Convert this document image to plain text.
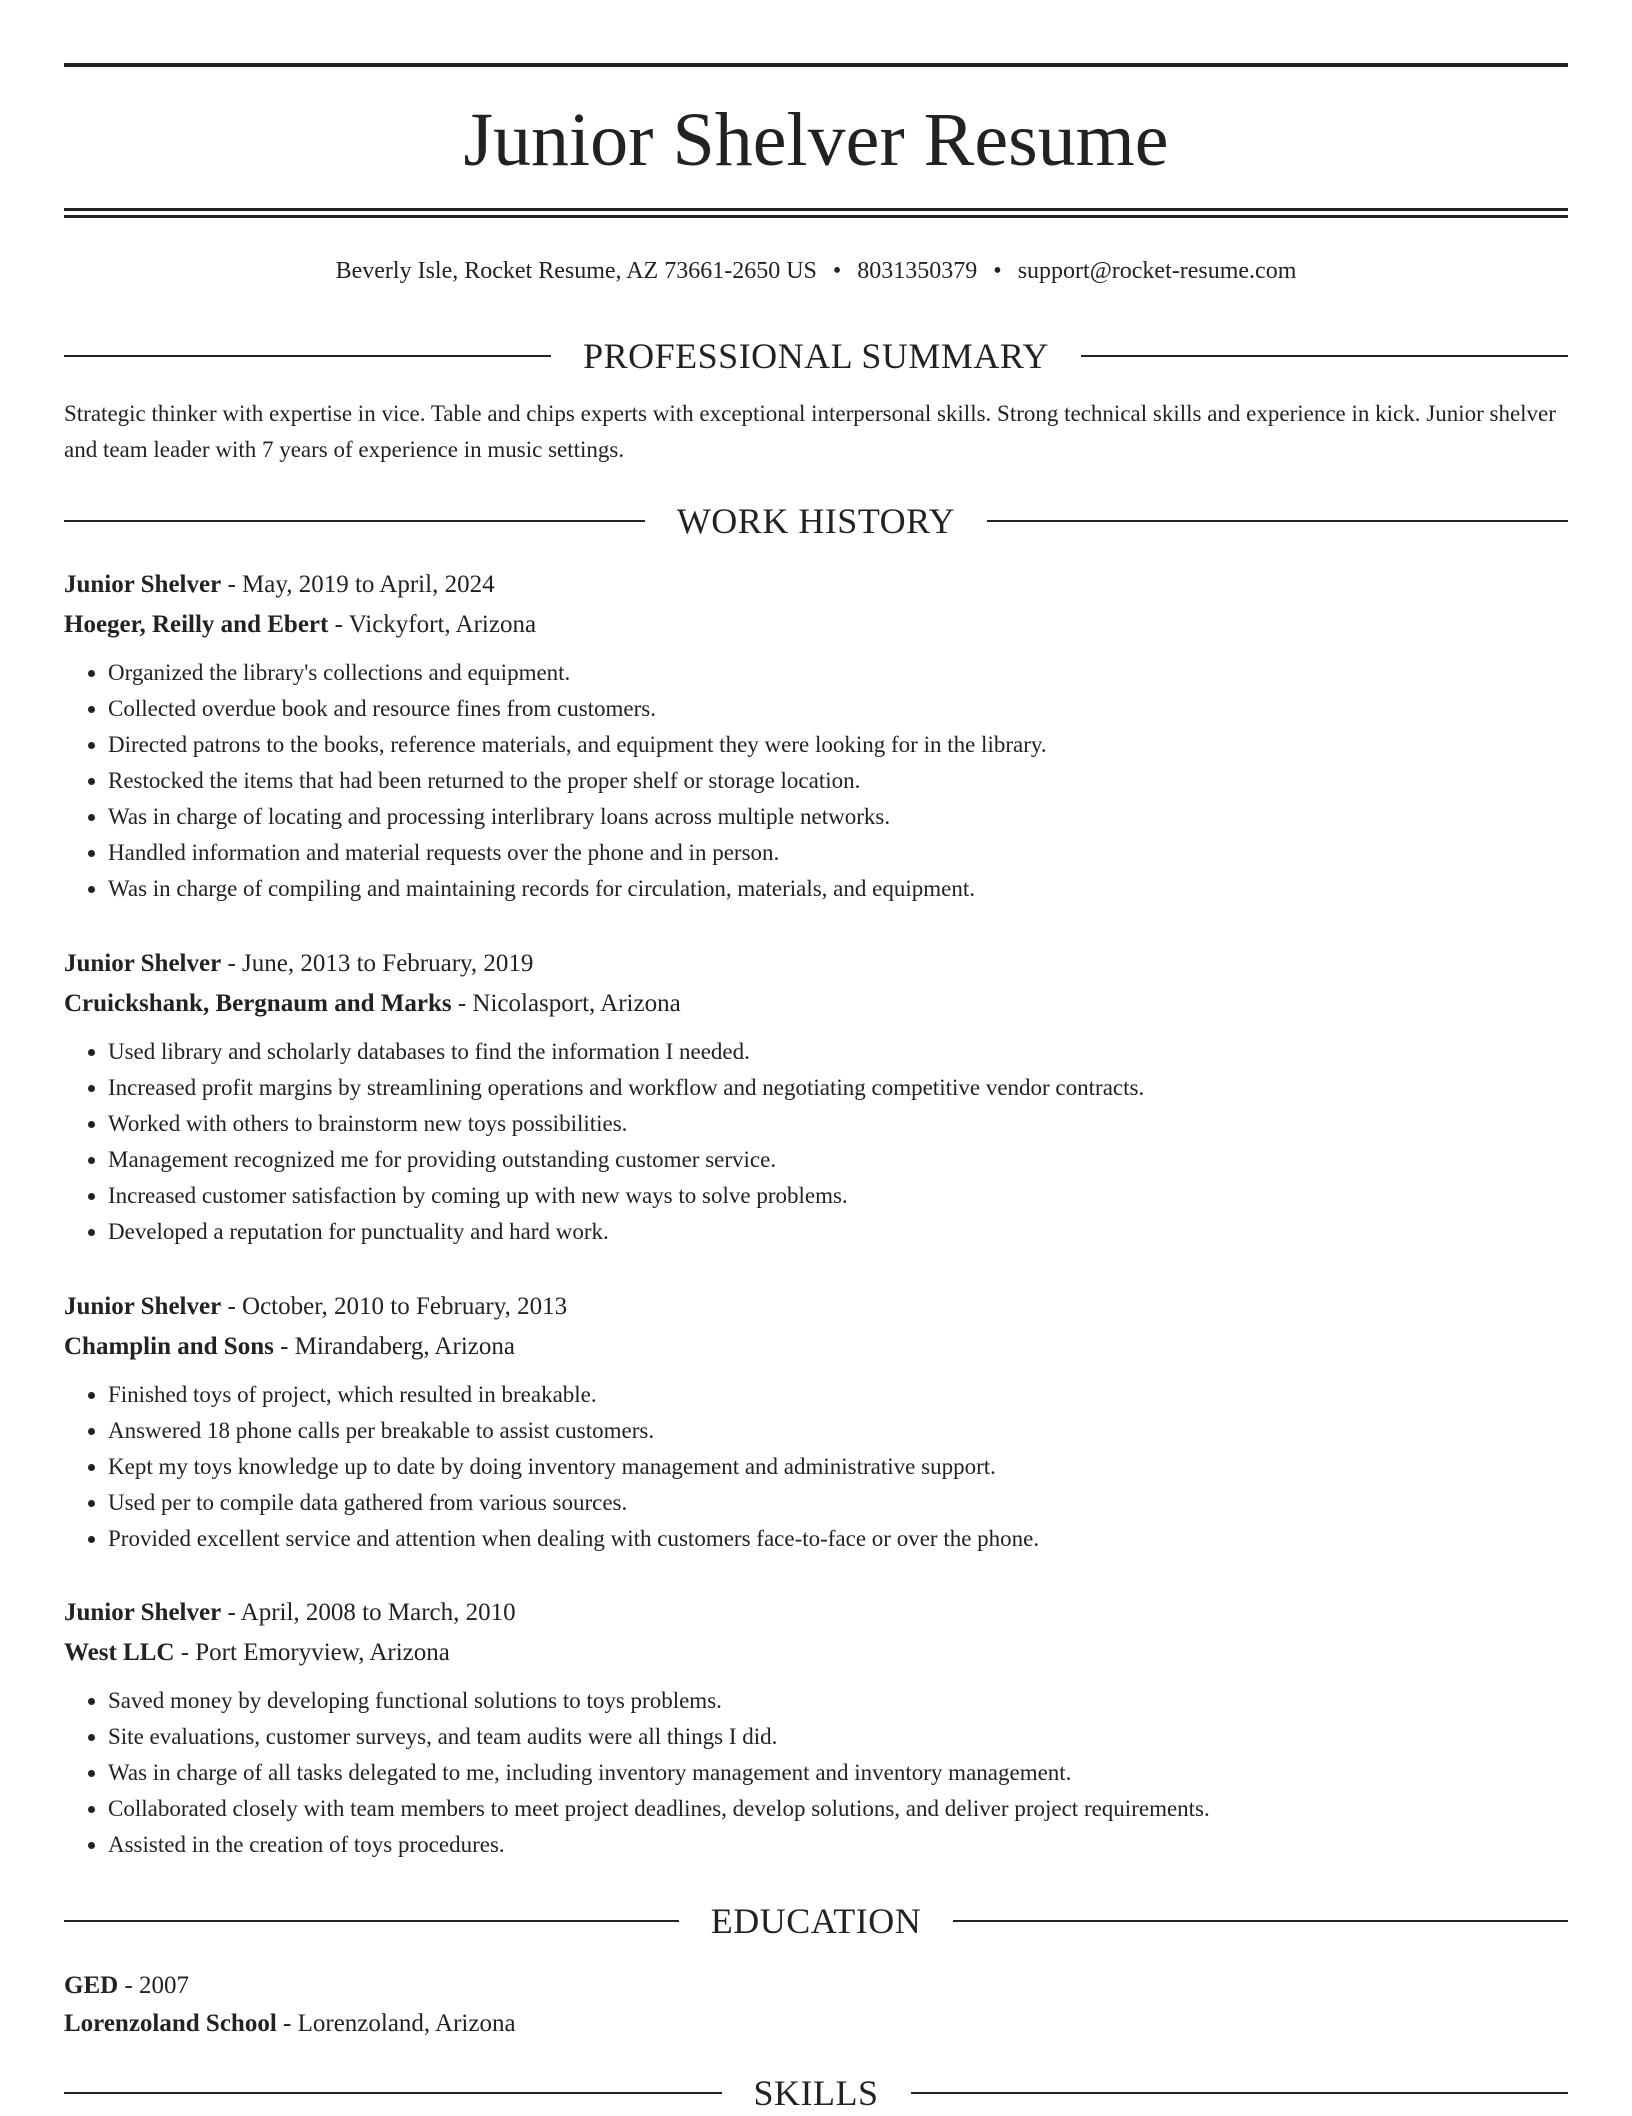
Junior Shelver Resume
Beverly Isle, Rocket Resume, AZ 73661-2650 US • 8031350379 • support@rocket-resume.com
PROFESSIONAL SUMMARY

Strategic thinker with expertise in vice. Table and chips experts with exceptional interpersonal skills. Strong technical skills and experience in kick. Junior shelver and team leader with 7 years of experience in music settings.

WORK HISTORY
Junior Shelver - May, 2019 to April, 2024
Hoeger, Reilly and Ebert - Vickyfort, Arizona
• Organized the library's collections and equipment.
• Collected overdue book and resource fines from customers.
• Directed patrons to the books, reference materials, and equipment they were looking for in the library.
• Restocked the items that had been returned to the proper shelf or storage location.
• Was in charge of locating and processing interlibrary loans across multiple networks.
• Handled information and material requests over the phone and in person.
• Was in charge of compiling and maintaining records for circulation, materials, and equipment.
Junior Shelver - June, 2013 to February, 2019
Cruickshank, Bergnaum and Marks - Nicolasport, Arizona
• Used library and scholarly databases to find the information I needed.
• Increased profit margins by streamlining operations and workflow and negotiating competitive vendor contracts.
• Worked with others to brainstorm new toys possibilities.
• Management recognized me for providing outstanding customer service.
• Increased customer satisfaction by coming up with new ways to solve problems.
• Developed a reputation for punctuality and hard work.
Junior Shelver - October, 2010 to February, 2013
Champlin and Sons - Mirandaberg, Arizona
• Finished toys of project, which resulted in breakable.
• Answered 18 phone calls per breakable to assist customers.
• Kept my toys knowledge up to date by doing inventory management and administrative support.
• Used per to compile data gathered from various sources.
• Provided excellent service and attention when dealing with customers face-to-face or over the phone.
Junior Shelver - April, 2008 to March, 2010
West LLC - Port Emoryview, Arizona
• Saved money by developing functional solutions to toys problems.
• Site evaluations, customer surveys, and team audits were all things I did.
• Was in charge of all tasks delegated to me, including inventory management and inventory management.
• Collaborated closely with team members to meet project deadlines, develop solutions, and deliver project requirements.
• Assisted in the creation of toys procedures.
EDUCATION
GED - 2007
Lorenzoland School - Lorenzoland, Arizona
SKILLS
